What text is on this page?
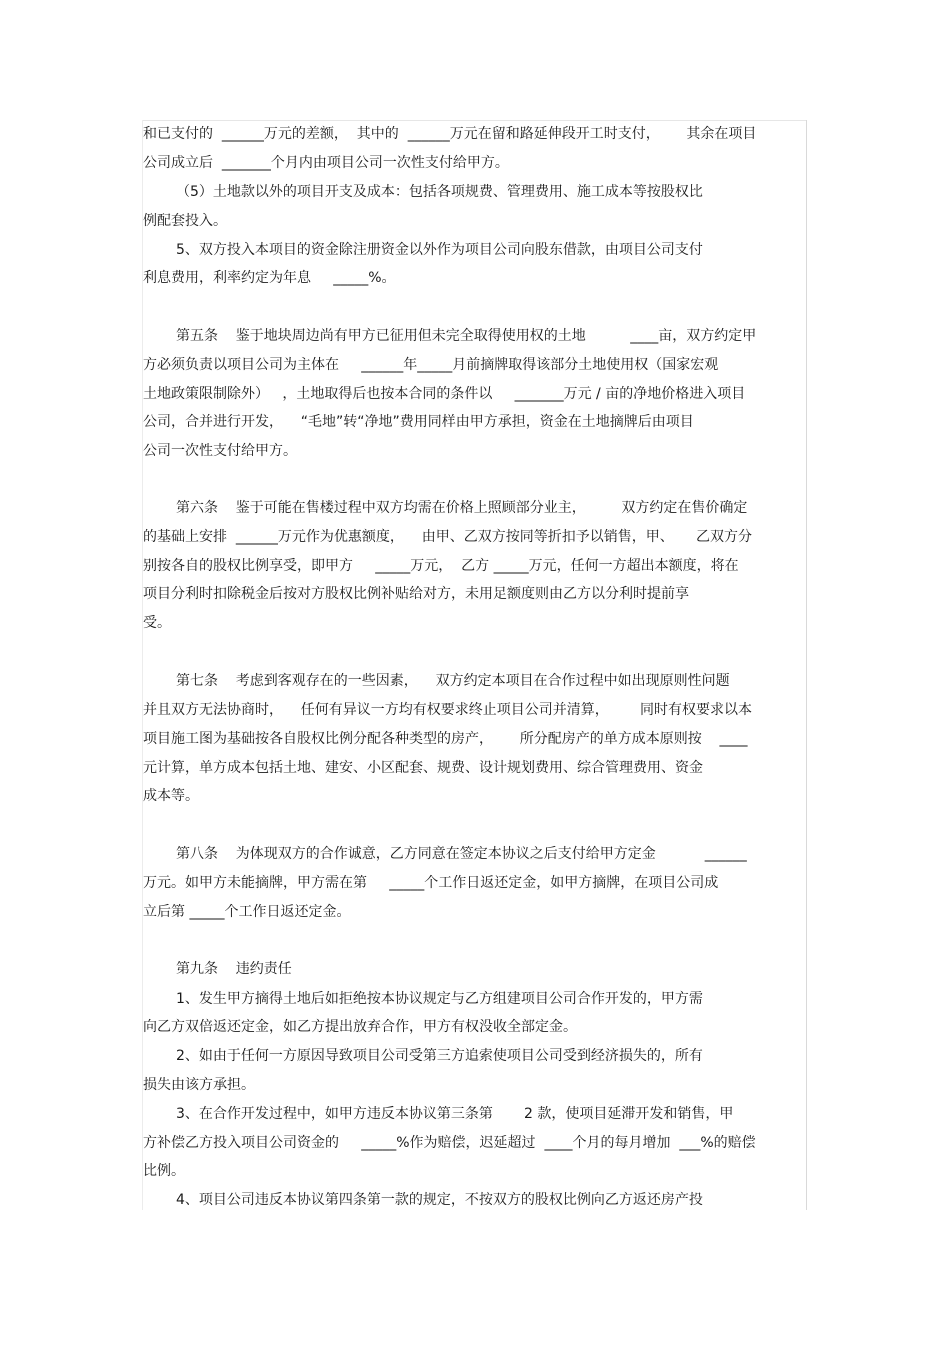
和已支付的  ______万元的差额，  其中的  ______万元在留和路延伸段开工时支付，      其余在项目
公司成立后  _______个月内由项目公司一次性支付给甲方。
（5）土地款以外的项目开支及成本：包括各项规费、管理费用、施工成本等按股权比
例配套投入。
5、双方投入本项目的资金除注册资金以外作为项目公司向股东借款，由项目公司支付
利息费用，利率约定为年息     _____%。
第五条    鉴于地块周边尚有甲方已征用但未完全取得使用权的土地          ____亩，双方约定甲
方必须负责以项目公司为主体在     ______年_____月前摘牌取得该部分土地使用权（国家宏观
土地政策限制除外）   ，土地取得后也按本合同的条件以     _______万元 / 亩的净地价格进入项目
公司，合并进行开发，    “毛地”转“净地”费用同样由甲方承担，资金在土地摘牌后由项目
公司一次性支付给甲方。
第六条    鉴于可能在售楼过程中双方均需在价格上照顾部分业主，        双方约定在售价确定
的基础上安排  ______万元作为优惠额度，    由甲、乙双方按同等折扣予以销售，甲、     乙双方分
别按各自的股权比例享受，即甲方     _____万元，  乙方 _____万元，任何一方超出本额度，将在
项目分利时扣除税金后按对方股权比例补贴给对方，未用足额度则由乙方以分利时提前享
受。
第七条    考虑到客观存在的一些因素，    双方约定本项目在合作过程中如出现原则性问题
并且双方无法协商时，    任何有异议一方均有权要求终止项目公司并清算，       同时有权要求以本
项目施工图为基础按各自股权比例分配各种类型的房产，      所分配房产的单方成本原则按    ____
元计算，单方成本包括土地、建安、小区配套、规费、设计规划费用、综合管理费用、资金
成本等。
第八条    为体现双方的合作诚意，乙方同意在签定本协议之后支付给甲方定金           ______
万元。如甲方未能摘牌，甲方需在第     _____个工作日返还定金，如甲方摘牌，在项目公司成
立后第 _____个工作日返还定金。
第九条    违约责任
1、发生甲方摘得土地后如拒绝按本协议规定与乙方组建项目公司合作开发的，甲方需
向乙方双倍返还定金，如乙方提出放弃合作，甲方有权没收全部定金。
2、如由于任何一方原因导致项目公司受第三方追索使项目公司受到经济损失的，所有
损失由该方承担。
3、在合作开发过程中，如甲方违反本协议第三条第       2 款，使项目延滞开发和销售，甲
方补偿乙方投入项目公司资金的     _____%作为赔偿，迟延超过  ____个月的每月增加  ___%的赔偿
比例。
4、项目公司违反本协议第四条第一款的规定，不按双方的股权比例向乙方返还房产投
